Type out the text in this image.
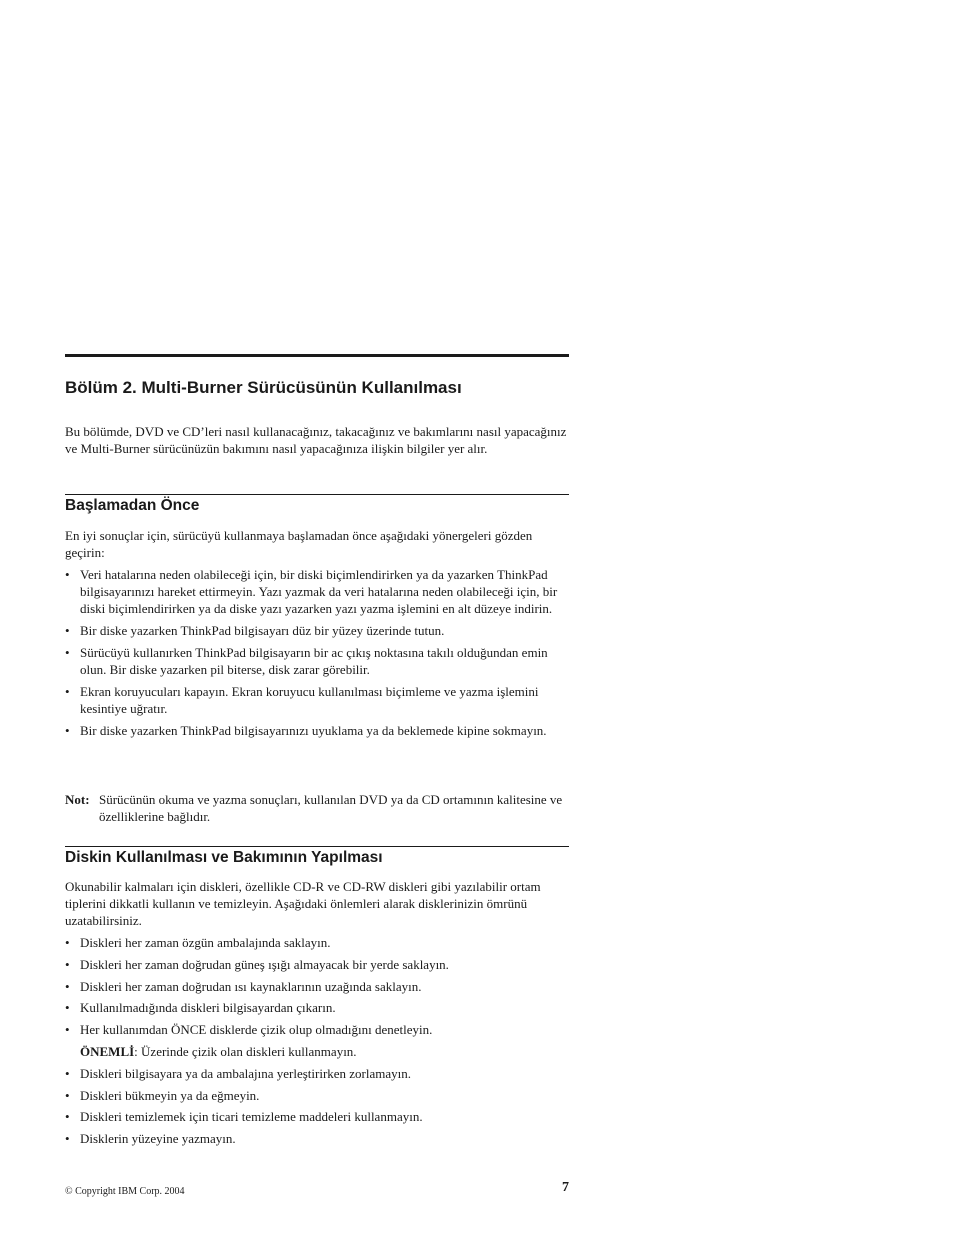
Bölüm 2. Multi-Burner Sürücüsünün Kullanılması

Bu bölümde, DVD ve CD’leri nasıl kullanacağınız, takacağınız ve bakımlarını nasıl yapacağınız ve Multi-Burner sürücünüzün bakımını nasıl yapacağınıza ilişkin bilgiler yer alır.

Başlamadan Önce

En iyi sonuçlar için, sürücüyü kullanmaya başlamadan önce aşağıdaki yönergeleri gözden geçirin:

• Veri hatalarına neden olabileceği için, bir diski biçimlendirirken ya da yazarken ThinkPad bilgisayarınızı hareket ettirmeyin. Yazı yazmak da veri hatalarına neden olabileceği için, bir diski biçimlendirirken ya da diske yazı yazarken yazı yazma işlemini en alt düzeye indirin.
• Bir diske yazarken ThinkPad bilgisayarı düz bir yüzey üzerinde tutun.
• Sürücüyü kullanırken ThinkPad bilgisayarın bir ac çıkış noktasına takılı olduğundan emin olun. Bir diske yazarken pil biterse, disk zarar görebilir.
• Ekran koruyucuları kapayın. Ekran koruyucu kullanılması biçimleme ve yazma işlemini kesintiye uğratır.
• Bir diske yazarken ThinkPad bilgisayarınızı uyuklama ya da beklemede kipine sokmayın.
Not: Sürücünün okuma ve yazma sonuçları, kullanılan DVD ya da CD ortamının kalitesine ve özelliklerine bağlıdır.
Diskin Kullanılması ve Bakımının Yapılması

Okunabilir kalmaları için diskleri, özellikle CD-R ve CD-RW diskleri gibi yazılabilir ortam tiplerini dikkatli kullanın ve temizleyin. Aşağıdaki önlemleri alarak disklerinizin ömrünü uzatabilirsiniz.

• Diskleri her zaman özgün ambalajında saklayın.
• Diskleri her zaman doğrudan güneş ışığı almayacak bir yerde saklayın.
• Diskleri her zaman doğrudan ısı kaynaklarının uzağında saklayın.
• Kullanılmadığında diskleri bilgisayardan çıkarın.
• Her kullanımdan ÖNCE disklerde çizik olup olmadığını denetleyin.
ÖNEMLİ: Üzerinde çizik olan diskleri kullanmayın.
• Diskleri bilgisayara ya da ambalajına yerleştirirken zorlamayın.
• Diskleri bükmeyin ya da eğmeyin.
• Diskleri temizlemek için ticari temizleme maddeleri kullanmayın.
• Disklerin yüzeyine yazmayın.
© Copyright IBM Corp. 2004	7
